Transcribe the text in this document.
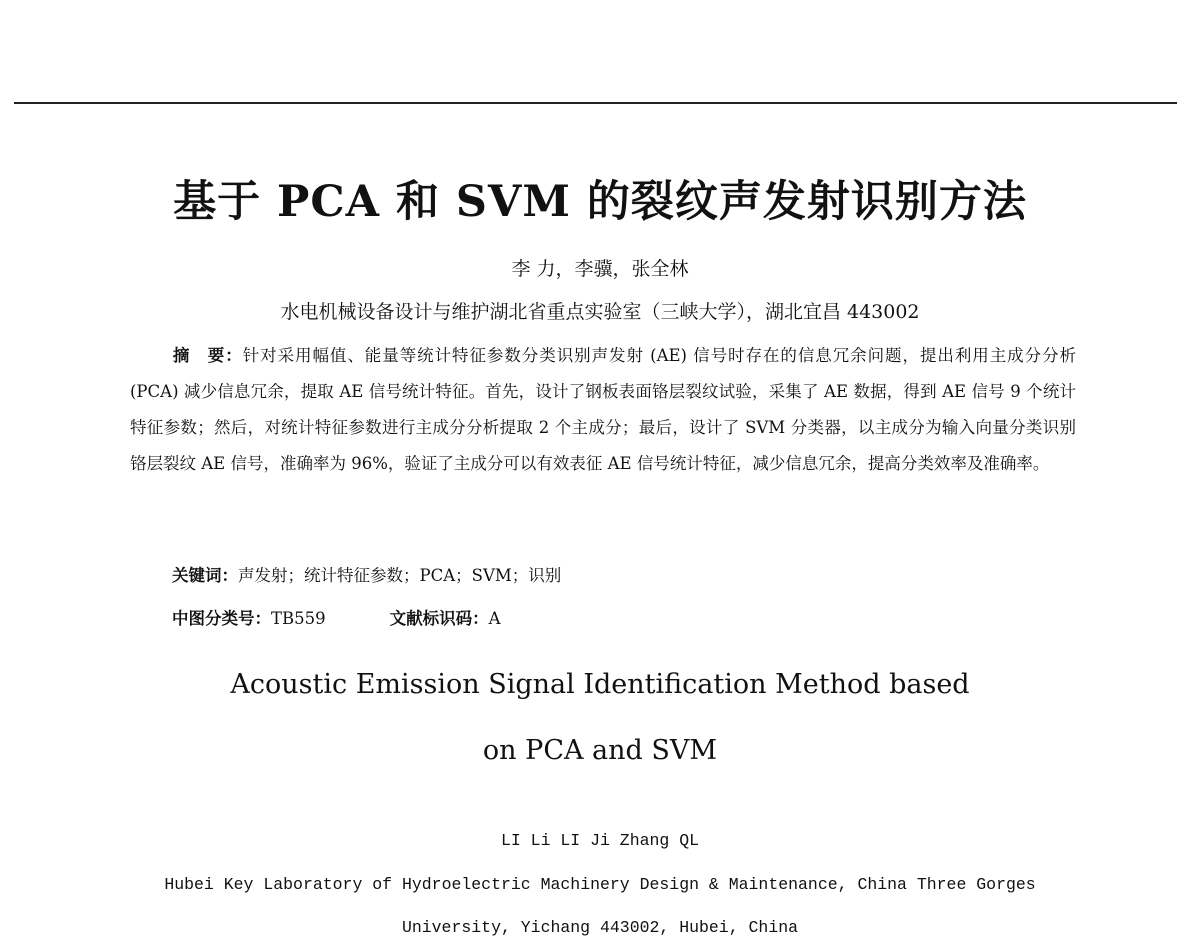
基于 PCA 和 SVM 的裂纹声发射识别方法
李 力，李骥，张全林
水电机械设备设计与维护湖北省重点实验室（三峡大学），湖北宜昌 443002

摘　要：针对采用幅值、能量等统计特征参数分类识别声发射 (AE) 信号时存在的信息冗余问题，提出利用主成分分析 (PCA) 减少信息冗余，提取 AE 信号统计特征。首先，设计了钢板表面铬层裂纹试验，采集了 AE 数据，得到 AE 信号 9 个统计特征参数；然后，对统计特征参数进行主成分分析提取 2 个主成分；最后，设计了 SVM 分类器，以主成分为输入向量分类识别铬层裂纹 AE 信号，准确率为 96%，验证了主成分可以有效表征 AE 信号统计特征，减少信息冗余，提高分类效率及准确率。

关键词：声发射；统计特征参数；PCA；SVM；识别
中图分类号：TB559	文献标识码：A
Acoustic Emission Signal Identification Method based
on PCA and SVM
LI Li LI Ji Zhang QL
Hubei Key Laboratory of Hydroelectric Machinery Design & Maintenance, China Three Gorges
University, Yichang 443002, Hubei, China
